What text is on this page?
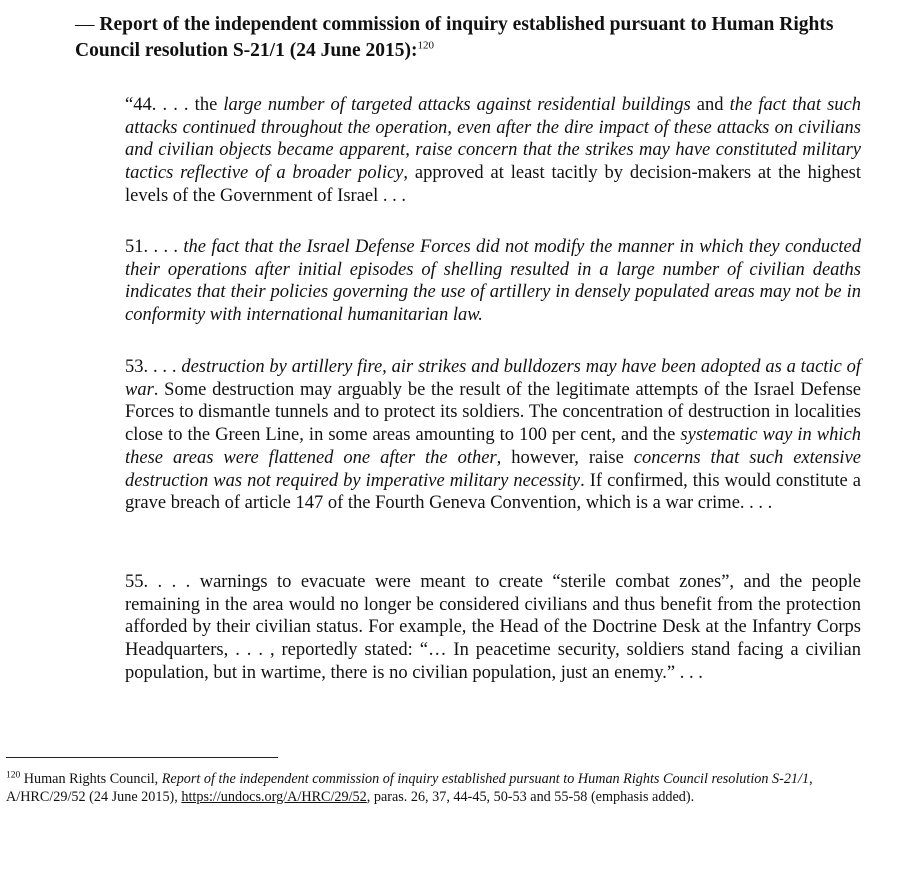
— Report of the independent commission of inquiry established pursuant to Human Rights Council resolution S-21/1 (24 June 2015):$^{120}$

“44. . . . the large number of targeted attacks against residential buildings and the fact that such attacks continued throughout the operation, even after the dire impact of these attacks on civilians and civilian objects became apparent, raise concern that the strikes may have constituted military tactics reflective of a broader policy, approved at least tacitly by decision-makers at the highest levels of the Government of Israel . . .

51. . . . the fact that the Israel Defense Forces did not modify the manner in which they conducted their operations after initial episodes of shelling resulted in a large number of civilian deaths indicates that their policies governing the use of artillery in densely populated areas may not be in conformity with international humanitarian law.

53. . . . destruction by artillery fire, air strikes and bulldozers may have been adopted as a tactic of war. Some destruction may arguably be the result of the legitimate attempts of the Israel Defense Forces to dismantle tunnels and to protect its soldiers. The concentration of destruction in localities close to the Green Line, in some areas amounting to 100 per cent, and the systematic way in which these areas were flattened one after the other, however, raise concerns that such extensive destruction was not required by imperative military necessity. If confirmed, this would constitute a grave breach of article 147 of the Fourth Geneva Convention, which is a war crime. . . .

55. . . . warnings to evacuate were meant to create “sterile combat zones”, and the people remaining in the area would no longer be considered civilians and thus benefit from the protection afforded by their civilian status. For example, the Head of the Doctrine Desk at the Infantry Corps Headquarters, . . . , reportedly stated: “… In peacetime security, soldiers stand facing a civilian population, but in wartime, there is no civilian population, just an enemy.” . . .

$^{120}$ Human Rights Council, Report of the independent commission of inquiry established pursuant to Human Rights Council resolution S-21/1, A/HRC/29/52 (24 June 2015), https://undocs.org/A/HRC/29/52, paras. 26, 37, 44-45, 50-53 and 55-58 (emphasis added).
